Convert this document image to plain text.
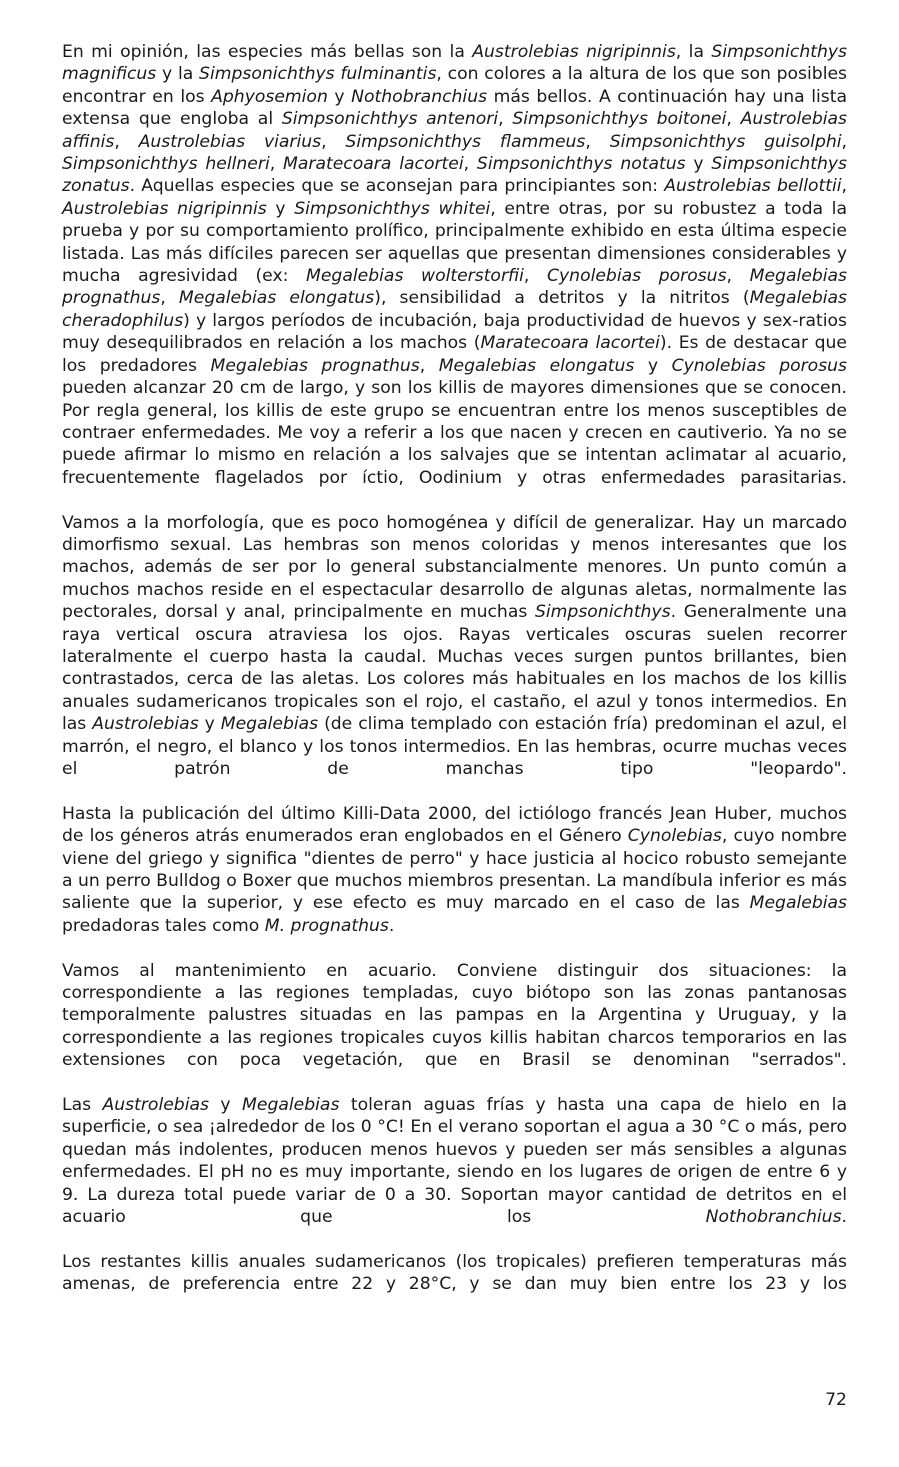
En mi opinión, las especies más bellas son la Austrolebias nigripinnis, la Simpsonichthys magnificus y la Simpsonichthys fulminantis, con colores a la altura de los que son posibles encontrar en los Aphyosemion y Nothobranchius más bellos. A continuación hay una lista extensa que engloba al Simpsonichthys antenori, Simpsonichthys boitonei, Austrolebias affinis, Austrolebias viarius, Simpsonichthys flammeus, Simpsonichthys guisolphi, Simpsonichthys hellneri, Maratecoara lacortei, Simpsonichthys notatus y Simpsonichthys zonatus. Aquellas especies que se aconsejan para principiantes son: Austrolebias bellottii, Austrolebias nigripinnis y Simpsonichthys whitei, entre otras, por su robustez a toda la prueba y por su comportamiento prolífico, principalmente exhibido en esta última especie listada. Las más difíciles parecen ser aquellas que presentan dimensiones considerables y mucha agresividad (ex: Megalebias wolterstorfii, Cynolebias porosus, Megalebias prognathus, Megalebias elongatus), sensibilidad a detritos y la nitritos (Megalebias cheradophilus) y largos períodos de incubación, baja productividad de huevos y sex-ratios muy desequilibrados en relación a los machos (Maratecoara lacortei). Es de destacar que los predadores Megalebias prognathus, Megalebias elongatus y Cynolebias porosus pueden alcanzar 20 cm de largo, y son los killis de mayores dimensiones que se conocen. Por regla general, los killis de este grupo se encuentran entre los menos susceptibles de contraer enfermedades. Me voy a referir a los que nacen y crecen en cautiverio. Ya no se puede afirmar lo mismo en relación a los salvajes que se intentan aclimatar al acuario, frecuentemente flagelados por íctio, Oodinium y otras enfermedades parasitarias.

Vamos a la morfología, que es poco homogénea y difícil de generalizar. Hay un marcado dimorfismo sexual. Las hembras son menos coloridas y menos interesantes que los machos, además de ser por lo general substancialmente menores. Un punto común a muchos machos reside en el espectacular desarrollo de algunas aletas, normalmente las pectorales, dorsal y anal, principalmente en muchas Simpsonichthys. Generalmente una raya vertical oscura atraviesa los ojos. Rayas verticales oscuras suelen recorrer lateralmente el cuerpo hasta la caudal. Muchas veces surgen puntos brillantes, bien contrastados, cerca de las aletas. Los colores más habituales en los machos de los killis anuales sudamericanos tropicales son el rojo, el castaño, el azul y tonos intermedios. En las Austrolebias y Megalebias (de clima templado con estación fría) predominan el azul, el marrón, el negro, el blanco y los tonos intermedios. En las hembras, ocurre muchas veces el patrón de manchas tipo "leopardo".

Hasta la publicación del último Killi-Data 2000, del ictiólogo francés Jean Huber, muchos de los géneros atrás enumerados eran englobados en el Género Cynolebias, cuyo nombre viene del griego y significa "dientes de perro" y hace justicia al hocico robusto semejante a un perro Bulldog o Boxer que muchos miembros presentan. La mandíbula inferior es más saliente que la superior, y ese efecto es muy marcado en el caso de las Megalebias predadoras tales como M. prognathus.

Vamos al mantenimiento en acuario. Conviene distinguir dos situaciones: la correspondiente a las regiones templadas, cuyo biótopo son las zonas pantanosas temporalmente palustres situadas en las pampas en la Argentina y Uruguay, y la correspondiente a las regiones tropicales cuyos killis habitan charcos temporarios en las extensiones con poca vegetación, que en Brasil se denominan "serrados".

Las Austrolebias y Megalebias toleran aguas frías y hasta una capa de hielo en la superficie, o sea ¡alrededor de los 0 °C! En el verano soportan el agua a 30 °C o más, pero quedan más indolentes, producen menos huevos y pueden ser más sensibles a algunas enfermedades. El pH no es muy importante, siendo en los lugares de origen de entre 6 y 9. La dureza total puede variar de 0 a 30. Soportan mayor cantidad de detritos en el acuario que los Nothobranchius.

Los restantes killis anuales sudamericanos (los tropicales) prefieren temperaturas más amenas, de preferencia entre 22 y 28°C, y se dan muy bien entre los 23 y los

72
